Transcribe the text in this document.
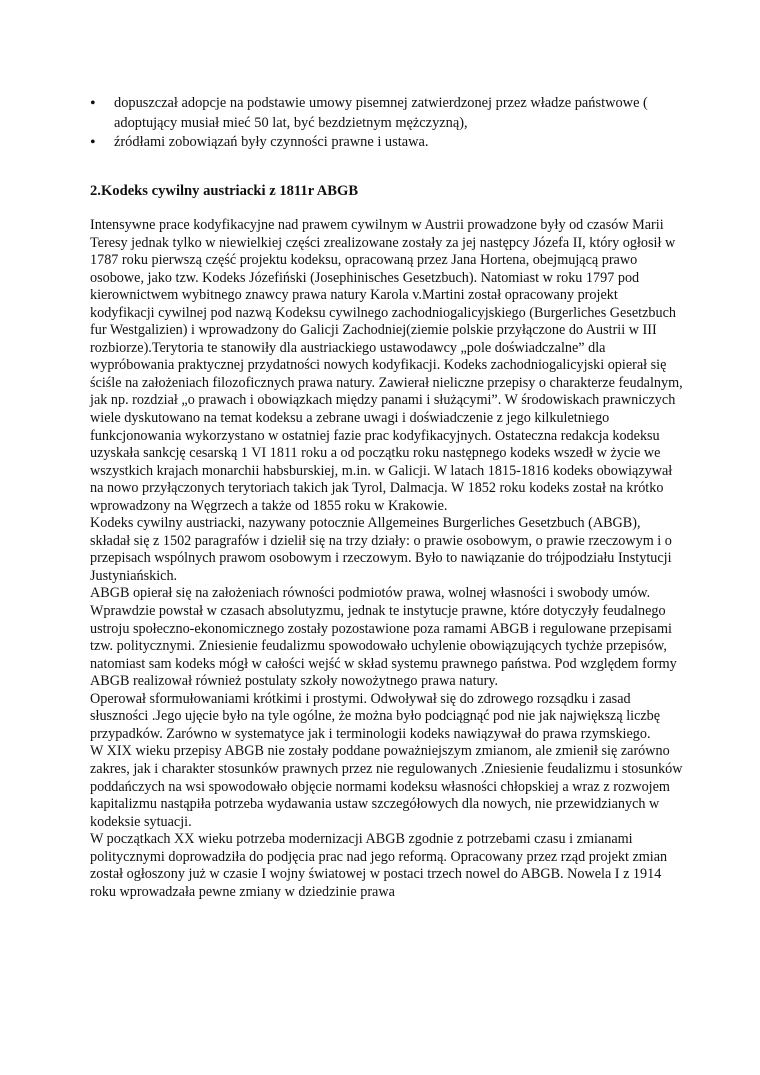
• dopuszczał adopcje na podstawie umowy pisemnej zatwierdzonej przez władze państwowe ( adoptujący musiał mieć 50 lat, być bezdzietnym mężczyzną),
• źródłami zobowiązań były czynności prawne i ustawa.
2.Kodeks cywilny austriacki z 1811r ABGB

Intensywne prace kodyfikacyjne nad prawem cywilnym w Austrii prowadzone były od czasów Marii Teresy jednak tylko w niewielkiej części zrealizowane zostały za jej następcy Józefa II, który ogłosił w 1787 roku pierwszą część projektu kodeksu, opracowaną przez Jana Hortena, obejmującą prawo osobowe, jako tzw. Kodeks Józefiński (Josephinisches Gesetzbuch). Natomiast w roku 1797 pod kierownictwem wybitnego znawcy prawa natury Karola v.Martini został opracowany projekt kodyfikacji cywilnej pod nazwą Kodeksu cywilnego zachodniogalicyjskiego (Burgerliches Gesetzbuch fur Westgalizien) i wprowadzony do Galicji Zachodniej(ziemie polskie przyłączone do Austrii w III rozbiorze).Terytoria te stanowiły dla austriackiego ustawodawcy „pole doświadczalne” dla wypróbowania praktycznej przydatności nowych kodyfikacji. Kodeks zachodniogalicyjski opierał się ściśle na założeniach filozoficznych prawa natury. Zawierał nieliczne przepisy o charakterze feudalnym, jak np. rozdział „o prawach i obowiązkach między panami i służącymi”. W środowiskach prawniczych wiele dyskutowano na temat kodeksu a zebrane uwagi i doświadczenie z jego kilkuletniego funkcjonowania wykorzystano w ostatniej fazie prac kodyfikacyjnych. Ostateczna redakcja kodeksu uzyskała sankcję cesarską 1 VI 1811 roku a od początku roku następnego kodeks wszedł w życie we wszystkich krajach monarchii habsburskiej, m.in. w Galicji. W latach 1815-1816 kodeks obowiązywał na nowo przyłączonych terytoriach takich jak Tyrol, Dalmacja. W 1852 roku kodeks został na krótko wprowadzony na Węgrzech a także od 1855 roku w Krakowie.

Kodeks cywilny austriacki, nazywany potocznie Allgemeines Burgerliches Gesetzbuch (ABGB), składał się z 1502 paragrafów i dzielił się na trzy działy: o prawie osobowym, o prawie rzeczowym i o przepisach wspólnych prawom osobowym i rzeczowym. Było to nawiązanie do trójpodziału Instytucji Justyniańskich.

ABGB opierał się na założeniach równości podmiotów prawa, wolnej własności i swobody umów. Wprawdzie powstał w czasach absolutyzmu, jednak te instytucje prawne, które dotyczyły feudalnego ustroju społeczno-ekonomicznego zostały pozostawione poza ramami ABGB i regulowane przepisami tzw. politycznymi. Zniesienie feudalizmu spowodowało uchylenie obowiązujących tychże przepisów, natomiast sam kodeks mógł w całości wejść w skład systemu prawnego państwa. Pod względem formy ABGB realizował również postulaty szkoły nowożytnego prawa natury.

Operował sformułowaniami krótkimi i prostymi. Odwoływał się do zdrowego rozsądku i zasad słuszności .Jego ujęcie było na tyle ogólne, że można było podciągnąć pod nie jak największą liczbę przypadków. Zarówno w systematyce jak i terminologii kodeks nawiązywał do prawa rzymskiego.

W XIX wieku przepisy ABGB nie zostały poddane poważniejszym zmianom, ale zmienił się zarówno zakres, jak i charakter stosunków prawnych przez nie regulowanych .Zniesienie feudalizmu i stosunków poddańczych na wsi spowodowało objęcie normami kodeksu własności chłopskiej a wraz z rozwojem kapitalizmu nastąpiła potrzeba wydawania ustaw szczegółowych dla nowych, nie przewidzianych w kodeksie sytuacji.

W początkach XX wieku potrzeba modernizacji ABGB zgodnie z potrzebami czasu i zmianami politycznymi doprowadziła do podjęcia prac nad jego reformą. Opracowany przez rząd projekt zmian został ogłoszony już w czasie I wojny światowej w postaci trzech nowel do ABGB. Nowela I z 1914 roku wprowadzała pewne zmiany w dziedzinie prawa
